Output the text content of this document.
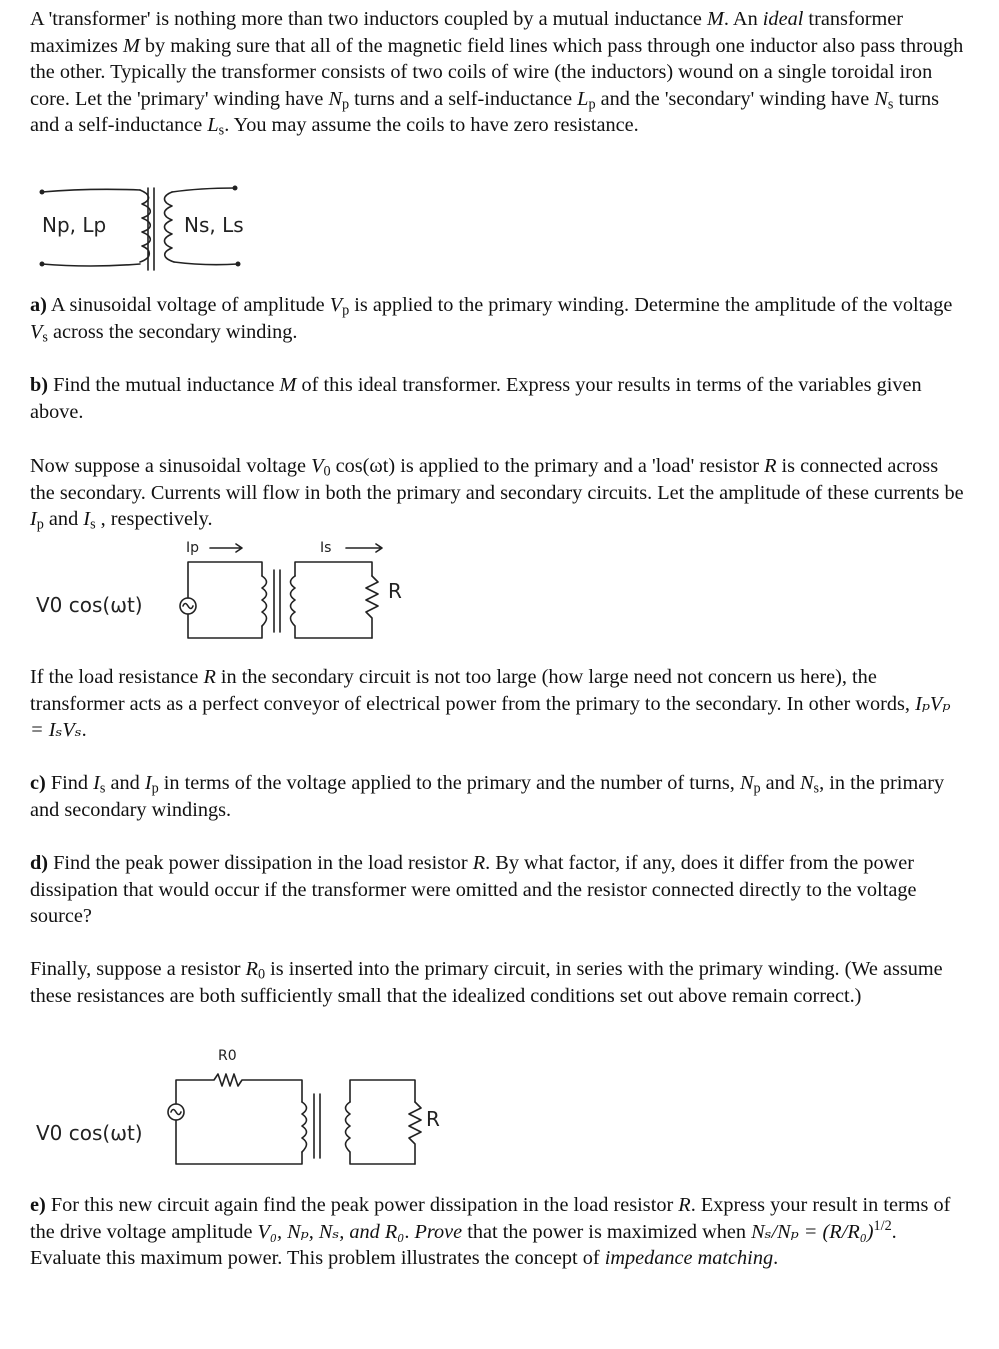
A 'transformer' is nothing more than two inductors coupled by a mutual inductance M. An ideal transformer maximizes M by making sure that all of the magnetic field lines which pass through one inductor also pass through the other. Typically the transformer consists of two coils of wire (the inductors) wound on a single toroidal iron core. Let the 'primary' winding have $N_p$ turns and a self-inductance $L_p$ and the 'secondary' winding have $N_s$ turns and a self-inductance $L_s$. You may assume the coils to have zero resistance.

Np, Lp	Ns, Ls

a) A sinusoidal voltage of amplitude $V_p$ is applied to the primary winding. Determine the amplitude of the voltage $V_s$ across the secondary winding.

b) Find the mutual inductance M of this ideal transformer. Express your results in terms of the variables given above.

Now suppose a sinusoidal voltage $V_0$ cos(ωt) is applied to the primary and a 'load' resistor R is connected across the secondary. Currents will flow in both the primary and secondary circuits. Let the amplitude of these currents be $I_p$ and $I_s$ , respectively.

Ip	Is
V0 cos(ωt)
R

If the load resistance R in the secondary circuit is not too large (how large need not concern us here), the transformer acts as a perfect conveyor of electrical power from the primary to the secondary. In other words, IₚVₚ = IₛVₛ.

c) Find $I_s$ and $I_p$ in terms of the voltage applied to the primary and the number of turns, $N_p$ and $N_s$, in the primary and secondary windings.

d) Find the peak power dissipation in the load resistor R. By what factor, if any, does it differ from the power dissipation that would occur if the transformer were omitted and the resistor connected directly to the voltage source?

Finally, suppose a resistor $R_0$ is inserted into the primary circuit, in series with the primary winding. (We assume these resistances are both sufficiently small that the idealized conditions set out above remain correct.)

R0
V0 cos(ωt)
R

e) For this new circuit again find the peak power dissipation in the load resistor R. Express your result in terms of the drive voltage amplitude V₀, Nₚ, Nₛ, and R₀. Prove that the power is maximized when $N_s/N_p = (R/R_0)^{1/2}$. Evaluate this maximum power. This problem illustrates the concept of impedance matching.
